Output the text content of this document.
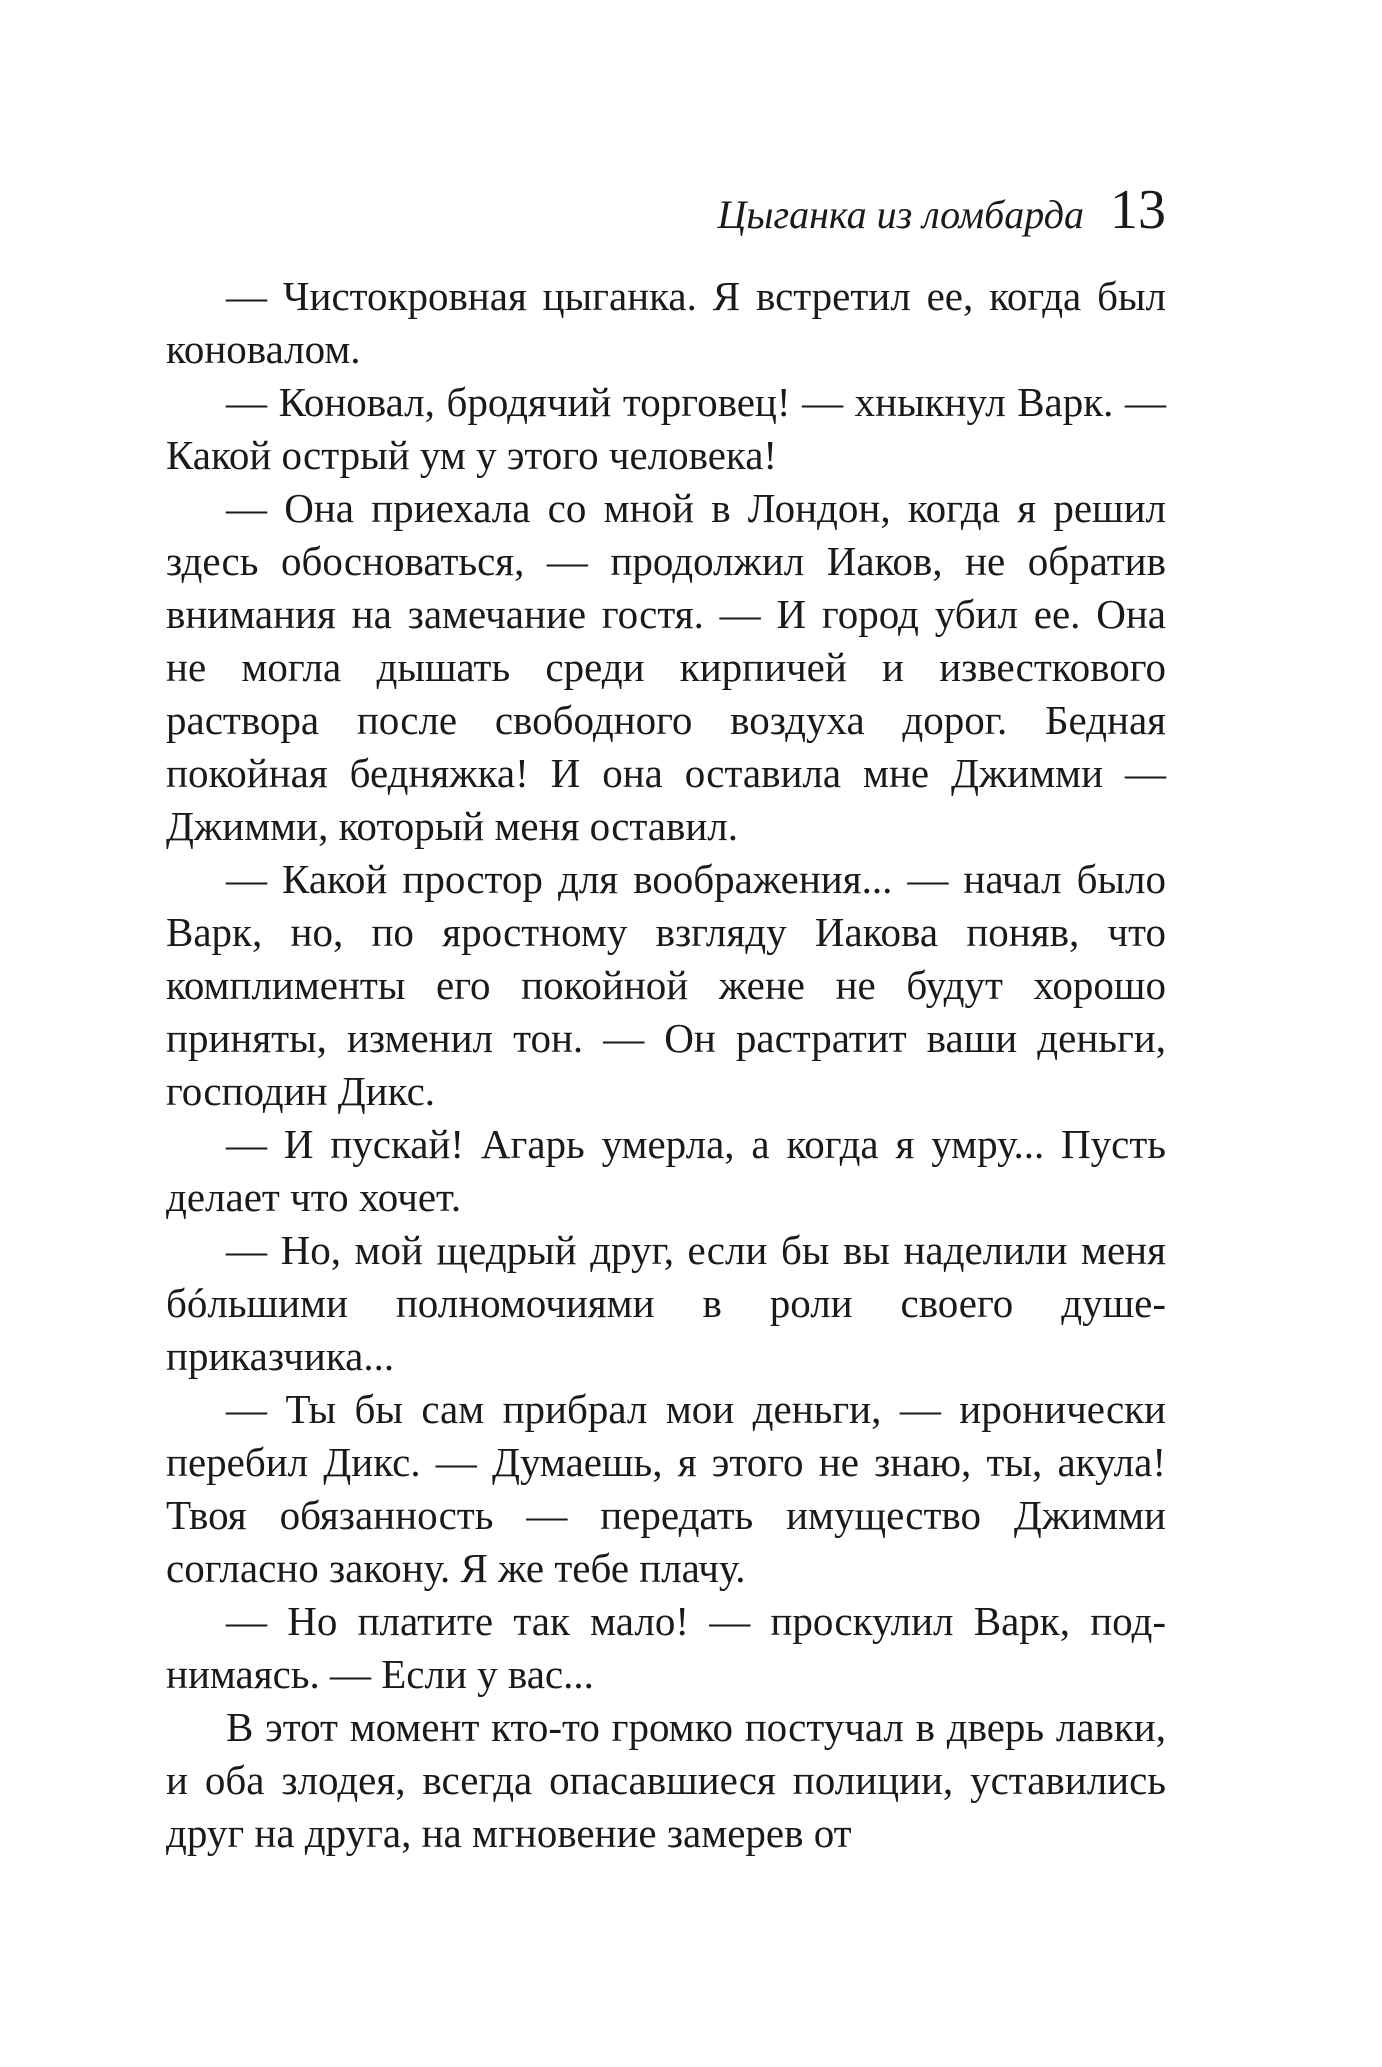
Цыганка из ломбарда 13

— Чистокровная цыганка. Я встретил ее, когда был коновалом.

— Коновал, бродячий торговец! — хныкнул Варк. — Какой острый ум у этого человека!

— Она приехала со мной в Лондон, когда я решил здесь обосноваться, — продолжил Иаков, не обратив внимания на замечание гостя. — И город убил ее. Она не могла дышать среди кирпичей и известкового раствора после свободного воздуха дорог. Бедная покойная бедняжка! И она оставила мне Джимми — Джимми, который меня оставил.

— Какой простор для воображения... — начал было Варк, но, по яростному взгляду Иакова поняв, что комплименты его покойной жене не будут хорошо приняты, изменил тон. — Он растратит ваши деньги, господин Дикс.

— И пускай! Агарь умерла, а когда я умру... Пусть делает что хочет.

— Но, мой щедрый друг, если бы вы наделили меня бóльшими полномочиями в роли своего душеприказчика...

— Ты бы сам прибрал мои деньги, — иронически перебил Дикс. — Думаешь, я этого не знаю, ты, акула! Твоя обязанность — передать имущество Джимми согласно закону. Я же тебе плачу.

— Но платите так мало! — проскулил Варк, поднимаясь. — Если у вас...

В этот момент кто-то громко постучал в дверь лавки, и оба злодея, всегда опасавшиеся полиции, уставились друг на друга, на мгновение замерев от
